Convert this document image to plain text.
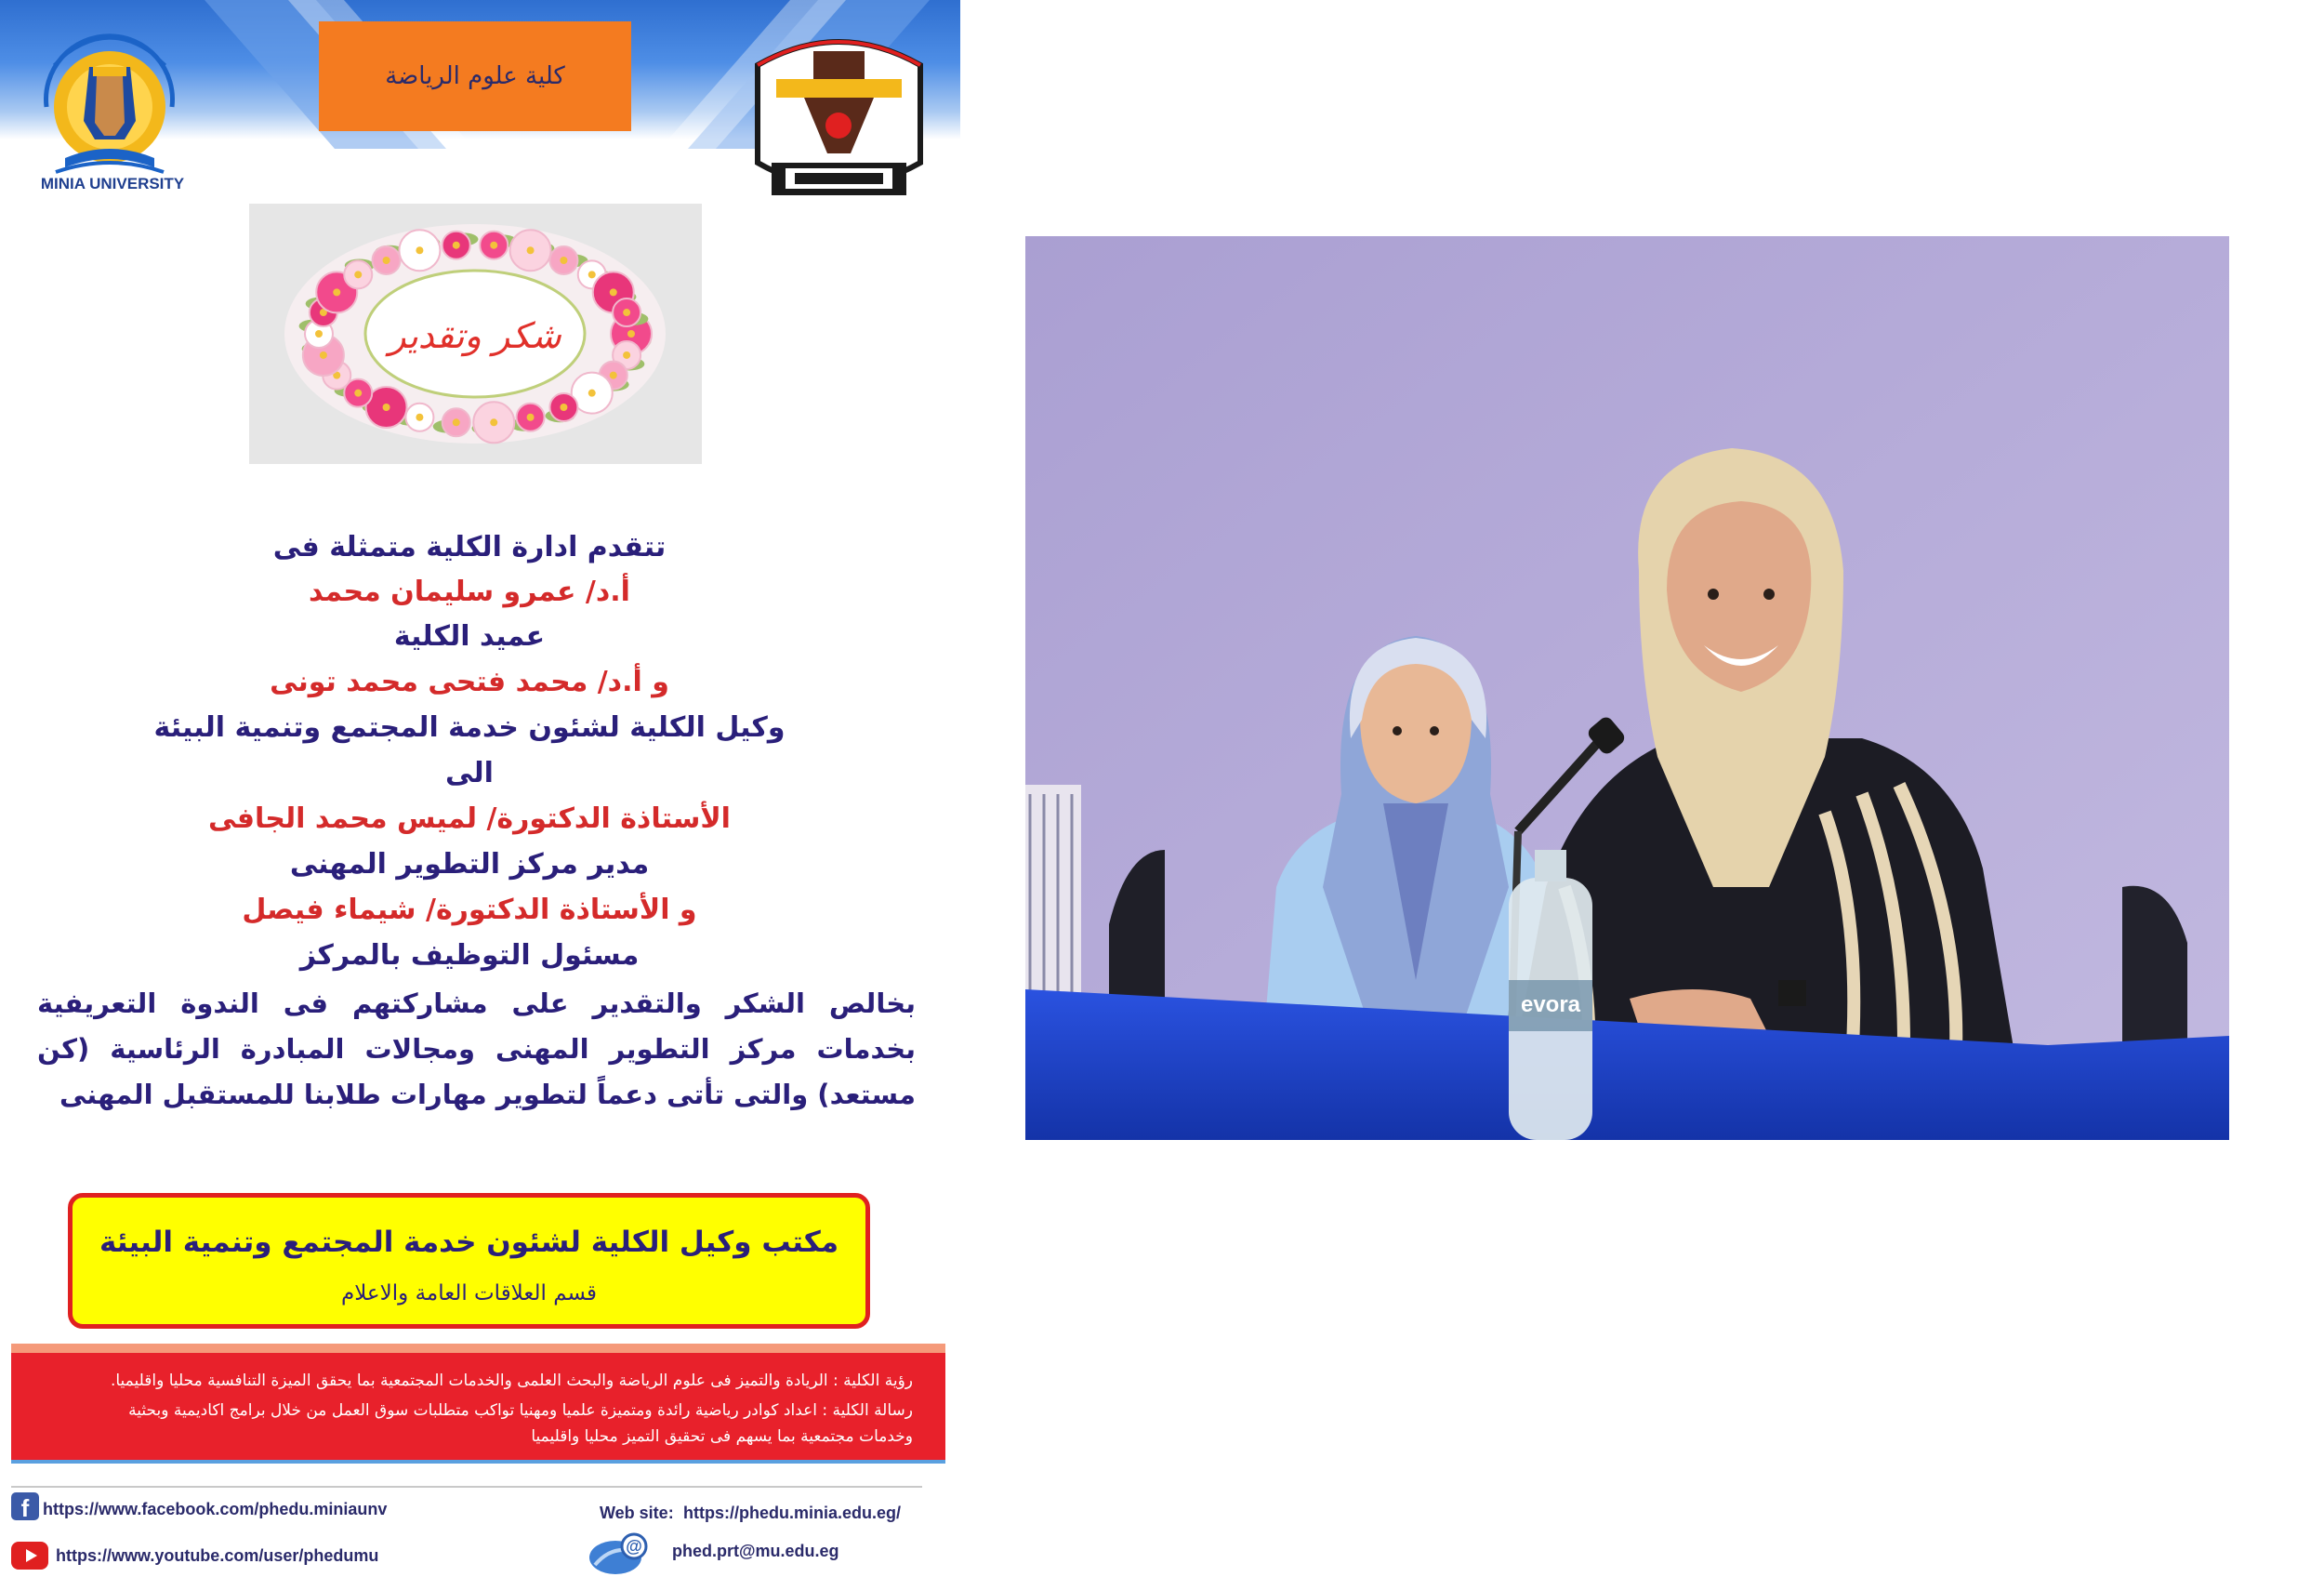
كلية علوم الرياضة
MINIA UNIVERSITY
شكر وتقدير
تتقدم ادارة الكلية متمثلة فى
أ.د/ عمرو سليمان محمد
عميد الكلية
و أ.د/ محمد فتحى محمد تونى
وكيل الكلية لشئون خدمة المجتمع وتنمية البيئة
الى
الأستاذة الدكتورة/ لميس محمد الجافى
مدير مركز التطوير المهنى
و الأستاذة الدكتورة/ شيماء فيصل
مسئول التوظيف بالمركز
بخالص الشكر والتقدير على مشاركتهم فى الندوة التعريفية بخدمات مركز التطوير المهنى ومجالات المبادرة الرئاسية (كن مستعد) والتى تأتى دعماً لتطوير مهارات طلابنا للمستقبل المهنى
مكتب وكيل الكلية لشئون خدمة المجتمع وتنمية البيئة
قسم العلاقات العامة والاعلام
رؤية الكلية : الريادة والتميز فى علوم الرياضة والبحث العلمى والخدمات المجتمعية بما يحقق الميزة التنافسية محليا واقليميا.
رسالة الكلية : اعداد كوادر رياضية رائدة ومتميزة علميا ومهنيا تواكب متطلبات سوق العمل من خلال برامج اكاديمية وبحثية
وخدمات مجتمعية بما يسهم فى تحقيق التميز محليا واقليميا
f https://www.facebook.com/phedu.miniaunv
https://www.youtube.com/user/phedumu
Web site: https://phedu.minia.edu.eg/
@ phed.prt@mu.edu.eg
evora
